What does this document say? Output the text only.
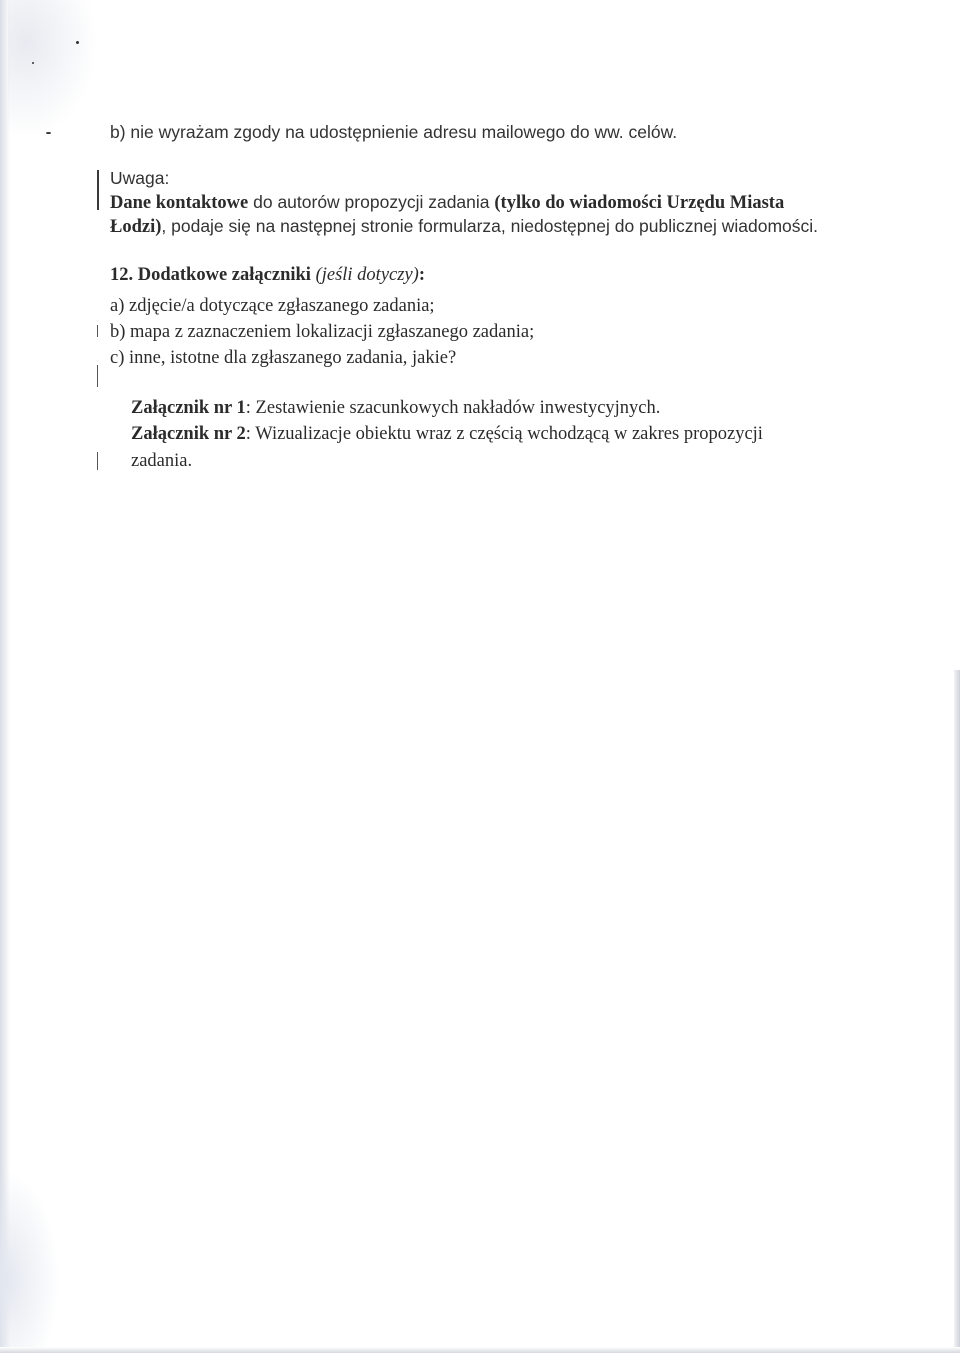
b) nie wyrażam zgody na udostępnienie adresu mailowego do ww. celów.
Uwaga:
Dane kontaktowe do autorów propozycji zadania (tylko do wiadomości Urzędu Miasta
Łodzi), podaje się na następnej stronie formularza, niedostępnej do publicznej wiadomości.
12. Dodatkowe załączniki (jeśli dotyczy):
a) zdjęcie/a dotyczące zgłaszanego zadania;
b) mapa z zaznaczeniem lokalizacji zgłaszanego zadania;
c) inne, istotne dla zgłaszanego zadania, jakie?
Załącznik nr 1: Zestawienie szacunkowych nakładów inwestycyjnych.
Załącznik nr 2: Wizualizacje obiektu wraz z częścią wchodzącą w zakres propozycji
zadania.
